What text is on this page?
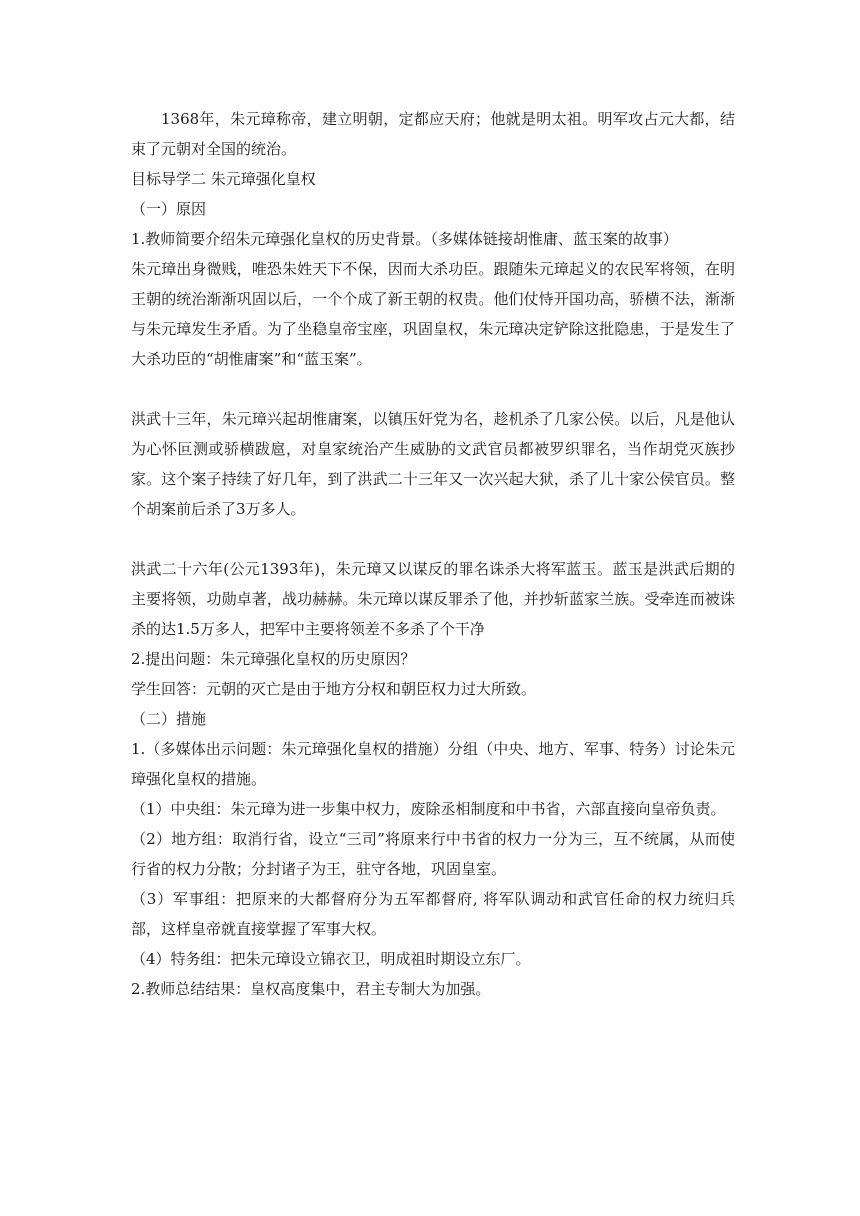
1368年，朱元璋称帝，建立明朝，定都应天府；他就是明太祖。明军攻占元大都，结束了元朝对全国的统治。

目标导学二 朱元璋强化皇权

（一）原因

1.教师简要介绍朱元璋强化皇权的历史背景。（多媒体链接胡惟庸、蓝玉案的故事）

朱元璋出身微贱，唯恐朱姓天下不保，因而大杀功臣。跟随朱元璋起义的农民军将领，在明王朝的统治渐渐巩固以后，一个个成了新王朝的权贵。他们仗恃开国功高，骄横不法，渐渐与朱元璋发生矛盾。为了坐稳皇帝宝座，巩固皇权，朱元璋决定铲除这批隐患，于是发生了大杀功臣的“胡惟庸案”和“蓝玉案”。

洪武十三年，朱元璋兴起胡惟庸案，以镇压奸党为名，趁机杀了几家公侯。以后，凡是他认为心怀叵测或骄横跋扈，对皇家统治产生威胁的文武官员都被罗织罪名，当作胡党灭族抄家。这个案子持续了好几年，到了洪武二十三年又一次兴起大狱，杀了儿十家公侯官员。整个胡案前后杀了3万多人。

洪武二十六年(公元1393年)，朱元璋又以谋反的罪名诛杀大将军蓝玉。蓝玉是洪武后期的主要将领，功勋卓著，战功赫赫。朱元璋以谋反罪杀了他，并抄斩蓝家兰族。受牵连而被诛杀的达1.5万多人，把军中主要将领差不多杀了个干净

2.提出问题：朱元璋强化皇权的历史原因？

学生回答：元朝的灭亡是由于地方分权和朝臣权力过大所致。

（二）措施

1.（多媒体出示问题：朱元璋强化皇权的措施）分组（中央、地方、军事、特务）讨论朱元璋强化皇权的措施。

（1）中央组：朱元璋为进一步集中权力，废除丞相制度和中书省，六部直接向皇帝负责。

（2）地方组：取消行省，设立“三司”将原来行中书省的权力一分为三，互不统属，从而使行省的权力分散；分封诸子为王，驻守各地，巩固皇室。

（3）军事组：把原来的大都督府分为五军都督府, 将军队调动和武官任命的权力统归兵部，这样皇帝就直接掌握了军事大权。

（4）特务组：把朱元璋设立锦衣卫，明成祖时期设立东厂。

2.教师总结结果：皇权高度集中，君主专制大为加强。
